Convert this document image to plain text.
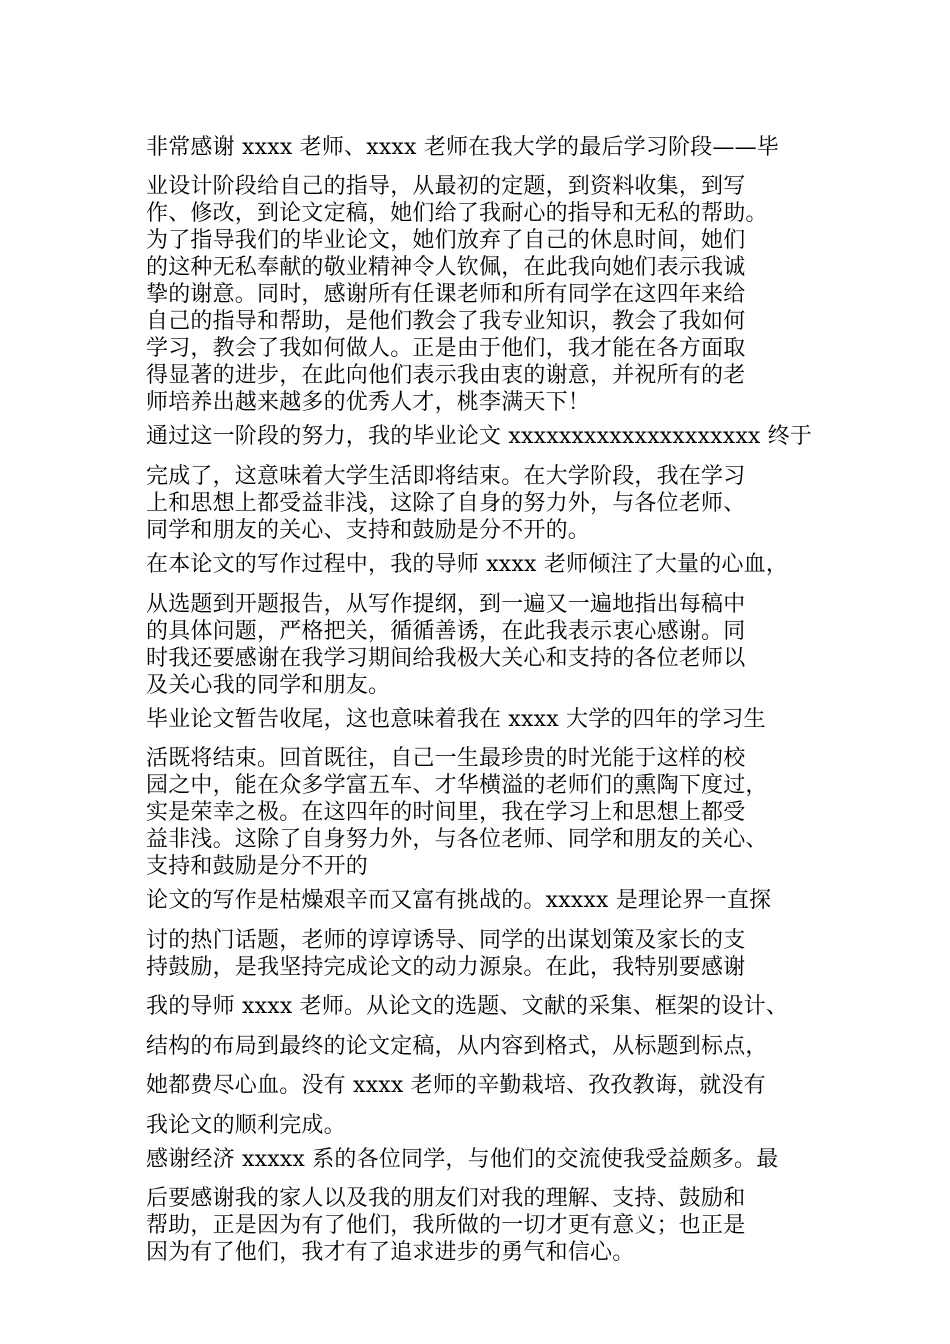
非常感谢 xxxx 老师、xxxx 老师在我大学的最后学习阶段——毕
业设计阶段给自己的指导，从最初的定题，到资料收集，到写
作、修改，到论文定稿，她们给了我耐心的指导和无私的帮助。
为了指导我们的毕业论文，她们放弃了自己的休息时间，她们
的这种无私奉献的敬业精神令人钦佩，在此我向她们表示我诚
挚的谢意。同时，感谢所有任课老师和所有同学在这四年来给
自己的指导和帮助，是他们教会了我专业知识，教会了我如何
学习，教会了我如何做人。正是由于他们，我才能在各方面取
得显著的进步，在此向他们表示我由衷的谢意，并祝所有的老
师培养出越来越多的优秀人才，桃李满天下！
通过这一阶段的努力，我的毕业论文 xxxxxxxxxxxxxxxxxxxx 终于
完成了，这意味着大学生活即将结束。在大学阶段，我在学习
上和思想上都受益非浅，这除了自身的努力外，与各位老师、
同学和朋友的关心、支持和鼓励是分不开的。
在本论文的写作过程中，我的导师 xxxx 老师倾注了大量的心血，
从选题到开题报告，从写作提纲，到一遍又一遍地指出每稿中
的具体问题，严格把关，循循善诱，在此我表示衷心感谢。同
时我还要感谢在我学习期间给我极大关心和支持的各位老师以
及关心我的同学和朋友。
毕业论文暂告收尾，这也意味着我在 xxxx 大学的四年的学习生
活既将结束。回首既往，自己一生最珍贵的时光能于这样的校
园之中，能在众多学富五车、才华横溢的老师们的熏陶下度过，
实是荣幸之极。在这四年的时间里，我在学习上和思想上都受
益非浅。这除了自身努力外，与各位老师、同学和朋友的关心、
支持和鼓励是分不开的
论文的写作是枯燥艰辛而又富有挑战的。xxxxx 是理论界一直探
讨的热门话题，老师的谆谆诱导、同学的出谋划策及家长的支
持鼓励，是我坚持完成论文的动力源泉。在此，我特别要感谢
我的导师 xxxx 老师。从论文的选题、文献的采集、框架的设计、
结构的布局到最终的论文定稿，从内容到格式，从标题到标点，
她都费尽心血。没有 xxxx 老师的辛勤栽培、孜孜教诲，就没有
我论文的顺利完成。
感谢经济 xxxxx 系的各位同学，与他们的交流使我受益颇多。最
后要感谢我的家人以及我的朋友们对我的理解、支持、鼓励和
帮助，正是因为有了他们，我所做的一切才更有意义；也正是
因为有了他们，我才有了追求进步的勇气和信心。
